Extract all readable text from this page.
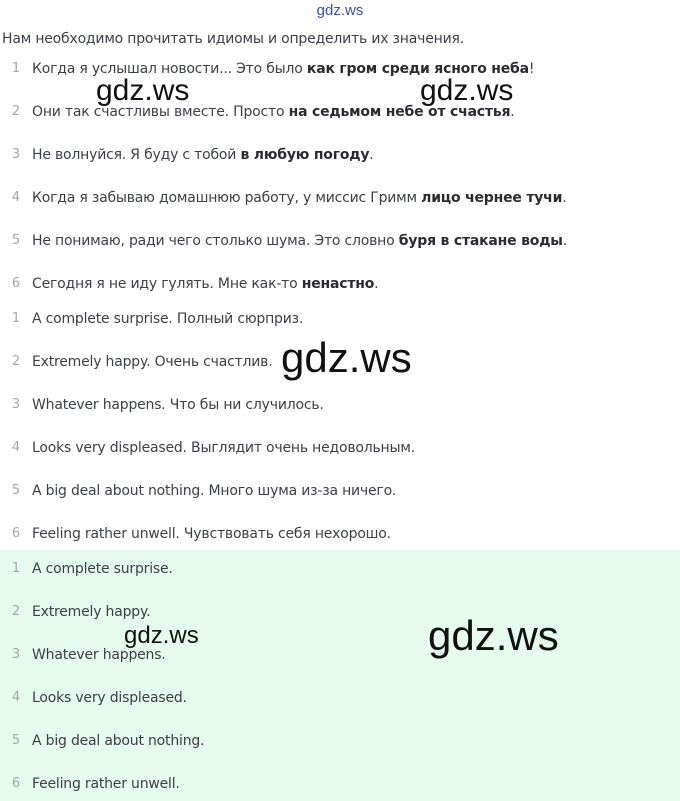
gdz.ws
Нам необходимо прочитать идиомы и определить их значения.
1 Когда я услышал новости... Это было как гром среди ясного неба!
2 Они так счастливы вместе. Просто на седьмом небе от счастья.
3 Не волнуйся. Я буду с тобой в любую погоду.
4 Когда я забываю домашнюю работу, у миссис Гримм лицо чернее тучи.
5 Не понимаю, ради чего столько шума. Это словно буря в стакане воды.
6 Сегодня я не иду гулять. Мне как-то ненастно.
1 A complete surprise. Полный сюрприз.
2 Extremely happy. Очень счастлив.
3 Whatever happens. Что бы ни случилось.
4 Looks very displeased. Выглядит очень недовольным.
5 A big deal about nothing. Много шума из-за ничего.
6 Feeling rather unwell. Чувствовать себя нехорошо.
1 A complete surprise.
2 Extremely happy.
3 Whatever happens.
4 Looks very displeased.
5 A big deal about nothing.
6 Feeling rather unwell.
gdz.ws	gdz.ws
gdz.ws
gdz.ws	gdz.ws
